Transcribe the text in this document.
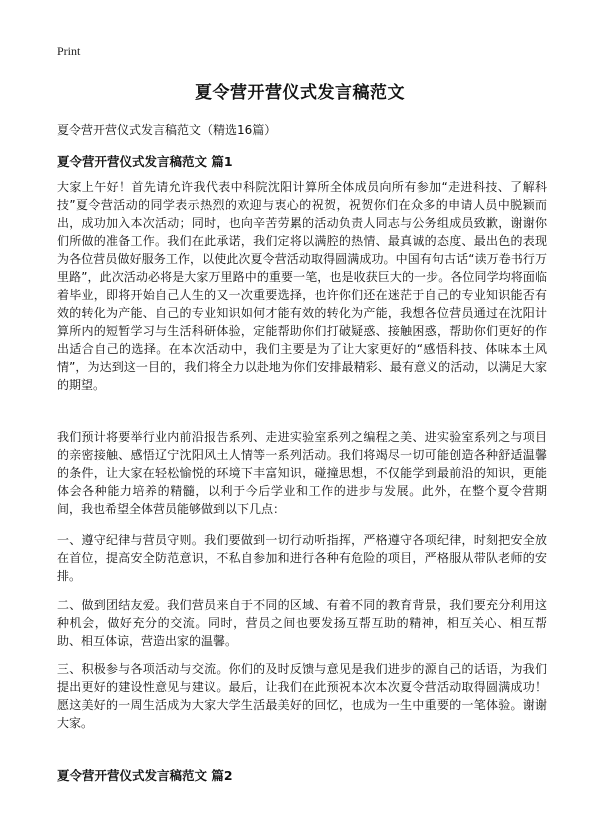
Print
夏令营开营仪式发言稿范文

夏令营开营仪式发言稿范文（精选16篇）

夏令营开营仪式发言稿范文 篇1

大家上午好！首先请允许我代表中科院沈阳计算所全体成员向所有参加“走进科技、了解科技”夏令营活动的同学表示热烈的欢迎与衷心的祝贺，祝贺你们在众多的申请人员中脱颖而出，成功加入本次活动；同时，也向辛苦劳累的活动负责人同志与公务组成员致歉，谢谢你们所做的准备工作。我们在此承诺，我们定将以满腔的热情、最真诚的态度、最出色的表现为各位营员做好服务工作，以使此次夏令营活动取得圆满成功。中国有句古话“读万卷书行万里路”，此次活动必将是大家万里路中的重要一笔，也是收获巨大的一步。各位同学均将面临着毕业，即将开始自己人生的又一次重要选择，也许你们还在迷茫于自己的专业知识能否有效的转化为产能、自己的专业知识如何才能有效的转化为产能，我想各位营员通过在沈阳计算所内的短暂学习与生活科研体验，定能帮助你们打破疑惑、接触困惑，帮助你们更好的作出适合自己的选择。在本次活动中，我们主要是为了让大家更好的“感悟科技、体味本土风情”，为达到这一目的，我们将全力以赴地为你们安排最精彩、最有意义的活动，以满足大家的期望。

我们预计将要举行业内前沿报告系列、走进实验室系列之编程之美、进实验室系列之与项目的亲密接触、感悟辽宁沈阳风土人情等一系列活动。我们将竭尽一切可能创造各种舒适温馨的条件，让大家在轻松愉悦的环境下丰富知识，碰撞思想，不仅能学到最前沿的知识，更能体会各种能力培养的精髓，以利于今后学业和工作的进步与发展。此外，在整个夏令营期间，我也希望全体营员能够做到以下几点：

一、遵守纪律与营员守则。我们要做到一切行动听指挥，严格遵守各项纪律，时刻把安全放在首位，提高安全防范意识，不私自参加和进行各种有危险的项目，严格服从带队老师的安排。

二、做到团结友爱。我们营员来自于不同的区域、有着不同的教育背景，我们要充分利用这种机会，做好充分的交流。同时，营员之间也要发扬互帮互助的精神，相互关心、相互帮助、相互体谅，营造出家的温馨。

三、积极参与各项活动与交流。你们的及时反馈与意见是我们进步的源自己的话语，为我们提出更好的建设性意见与建议。最后，让我们在此预祝本次本次夏令营活动取得圆满成功！愿这美好的一周生活成为大家大学生活最美好的回忆，也成为一生中重要的一笔体验。谢谢大家。

夏令营开营仪式发言稿范文 篇2
